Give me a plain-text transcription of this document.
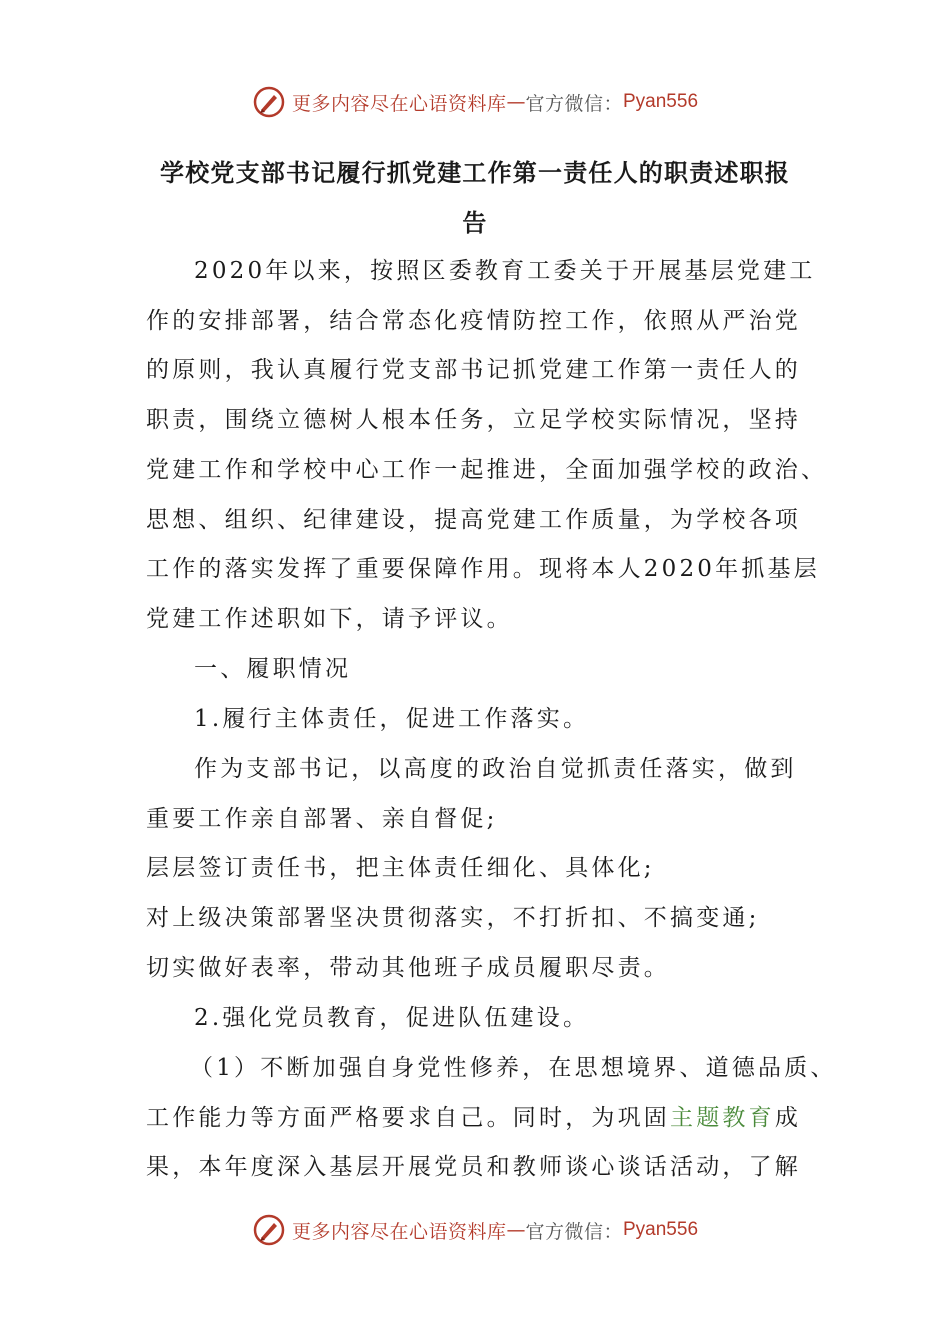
更多内容尽在心语资料库 — 官方微信： Pyan556
学校党支部书记履行抓党建工作第一责任人的职责述职报
告

2020年以来，按照区委教育工委关于开展基层党建工

作的安排部署，结合常态化疫情防控工作，依照从严治党

的原则，我认真履行党支部书记抓党建工作第一责任人的

职责，围绕立德树人根本任务，立足学校实际情况，坚持

党建工作和学校中心工作一起推进，全面加强学校的政治、

思想、组织、纪律建设，提高党建工作质量，为学校各项

工作的落实发挥了重要保障作用。现将本人2020年抓基层

党建工作述职如下，请予评议。

一、履职情况

1.履行主体责任，促进工作落实。

作为支部书记，以高度的政治自觉抓责任落实，做到

重要工作亲自部署、亲自督促;

层层签订责任书，把主体责任细化、具体化;

对上级决策部署坚决贯彻落实，不打折扣、不搞变通;

切实做好表率，带动其他班子成员履职尽责。

2.强化党员教育，促进队伍建设。

（1）不断加强自身党性修养，在思想境界、道德品质、

工作能力等方面严格要求自己。同时，为巩固主题教育成

果，本年度深入基层开展党员和教师谈心谈话活动，了解

更多内容尽在心语资料库 — 官方微信： Pyan556
